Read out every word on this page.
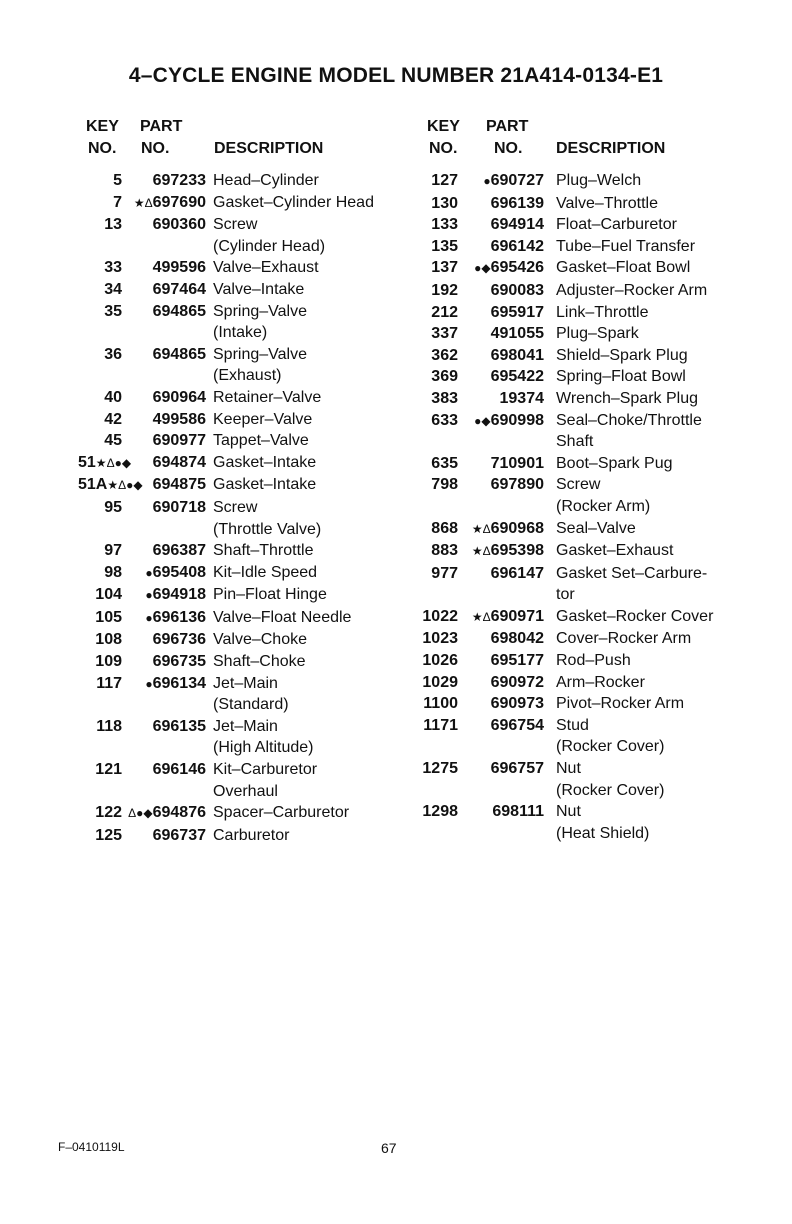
4–CYCLE ENGINE MODEL NUMBER 21A414-0134-E1
KEY
NO.
PART
NO.	DESCRIPTION
5	697233 Head–Cylinder
7 ★Δ697690 Gasket–Cylinder Head
13	690360 Screw
(Cylinder Head)
33	499596 Valve–Exhaust
34	697464 Valve–Intake
35	694865 Spring–Valve
(Intake)
36	694865 Spring–Valve
(Exhaust)
40	690964 Retainer–Valve
42	499586 Keeper–Valve
45	690977 Tappet–Valve
51★Δ●◆	694874 Gasket–Intake
51A★Δ●◆ 694875 Gasket–Intake
95	690718 Screw
(Throttle Valve)
97	696387 Shaft–Throttle
98	●695408 Kit–Idle Speed
104	●694918 Pin–Float Hinge
105	●696136 Valve–Float Needle
108	696736 Valve–Choke
109	696735 Shaft–Choke
117	●696134 Jet–Main
(Standard)
118	696135 Jet–Main
(High Altitude)
121	696146 Kit–Carburetor
Overhaul
122 Δ●◆694876 Spacer–Carburetor
125	696737 Carburetor
KEY
NO.
PART
NO. DESCRIPTION
127	●690727 Plug–Welch
130	696139 Valve–Throttle
133	694914 Float–Carburetor
135	696142 Tube–Fuel Transfer
137	●◆695426 Gasket–Float Bowl
192	690083 Adjuster–Rocker Arm
212	695917 Link–Throttle
337	491055 Plug–Spark
362	698041 Shield–Spark Plug
369	695422 Spring–Float Bowl
383	19374 Wrench–Spark Plug
633	●◆690998 Seal–Choke/Throttle
Shaft
635	710901 Boot–Spark Pug
798	697890 Screw
(Rocker Arm)
868	★Δ690968 Seal–Valve
883	★Δ695398 Gasket–Exhaust
977	696147 Gasket Set–Carbure-
tor
1022	★Δ690971 Gasket–Rocker Cover
1023	698042 Cover–Rocker Arm
1026	695177 Rod–Push
1029	690972 Arm–Rocker
1100	690973 Pivot–Rocker Arm
1171	696754 Stud
(Rocker Cover)
1275	696757 Nut
(Rocker Cover)
1298	698111 Nut
(Heat Shield)
F–0410119L	67
